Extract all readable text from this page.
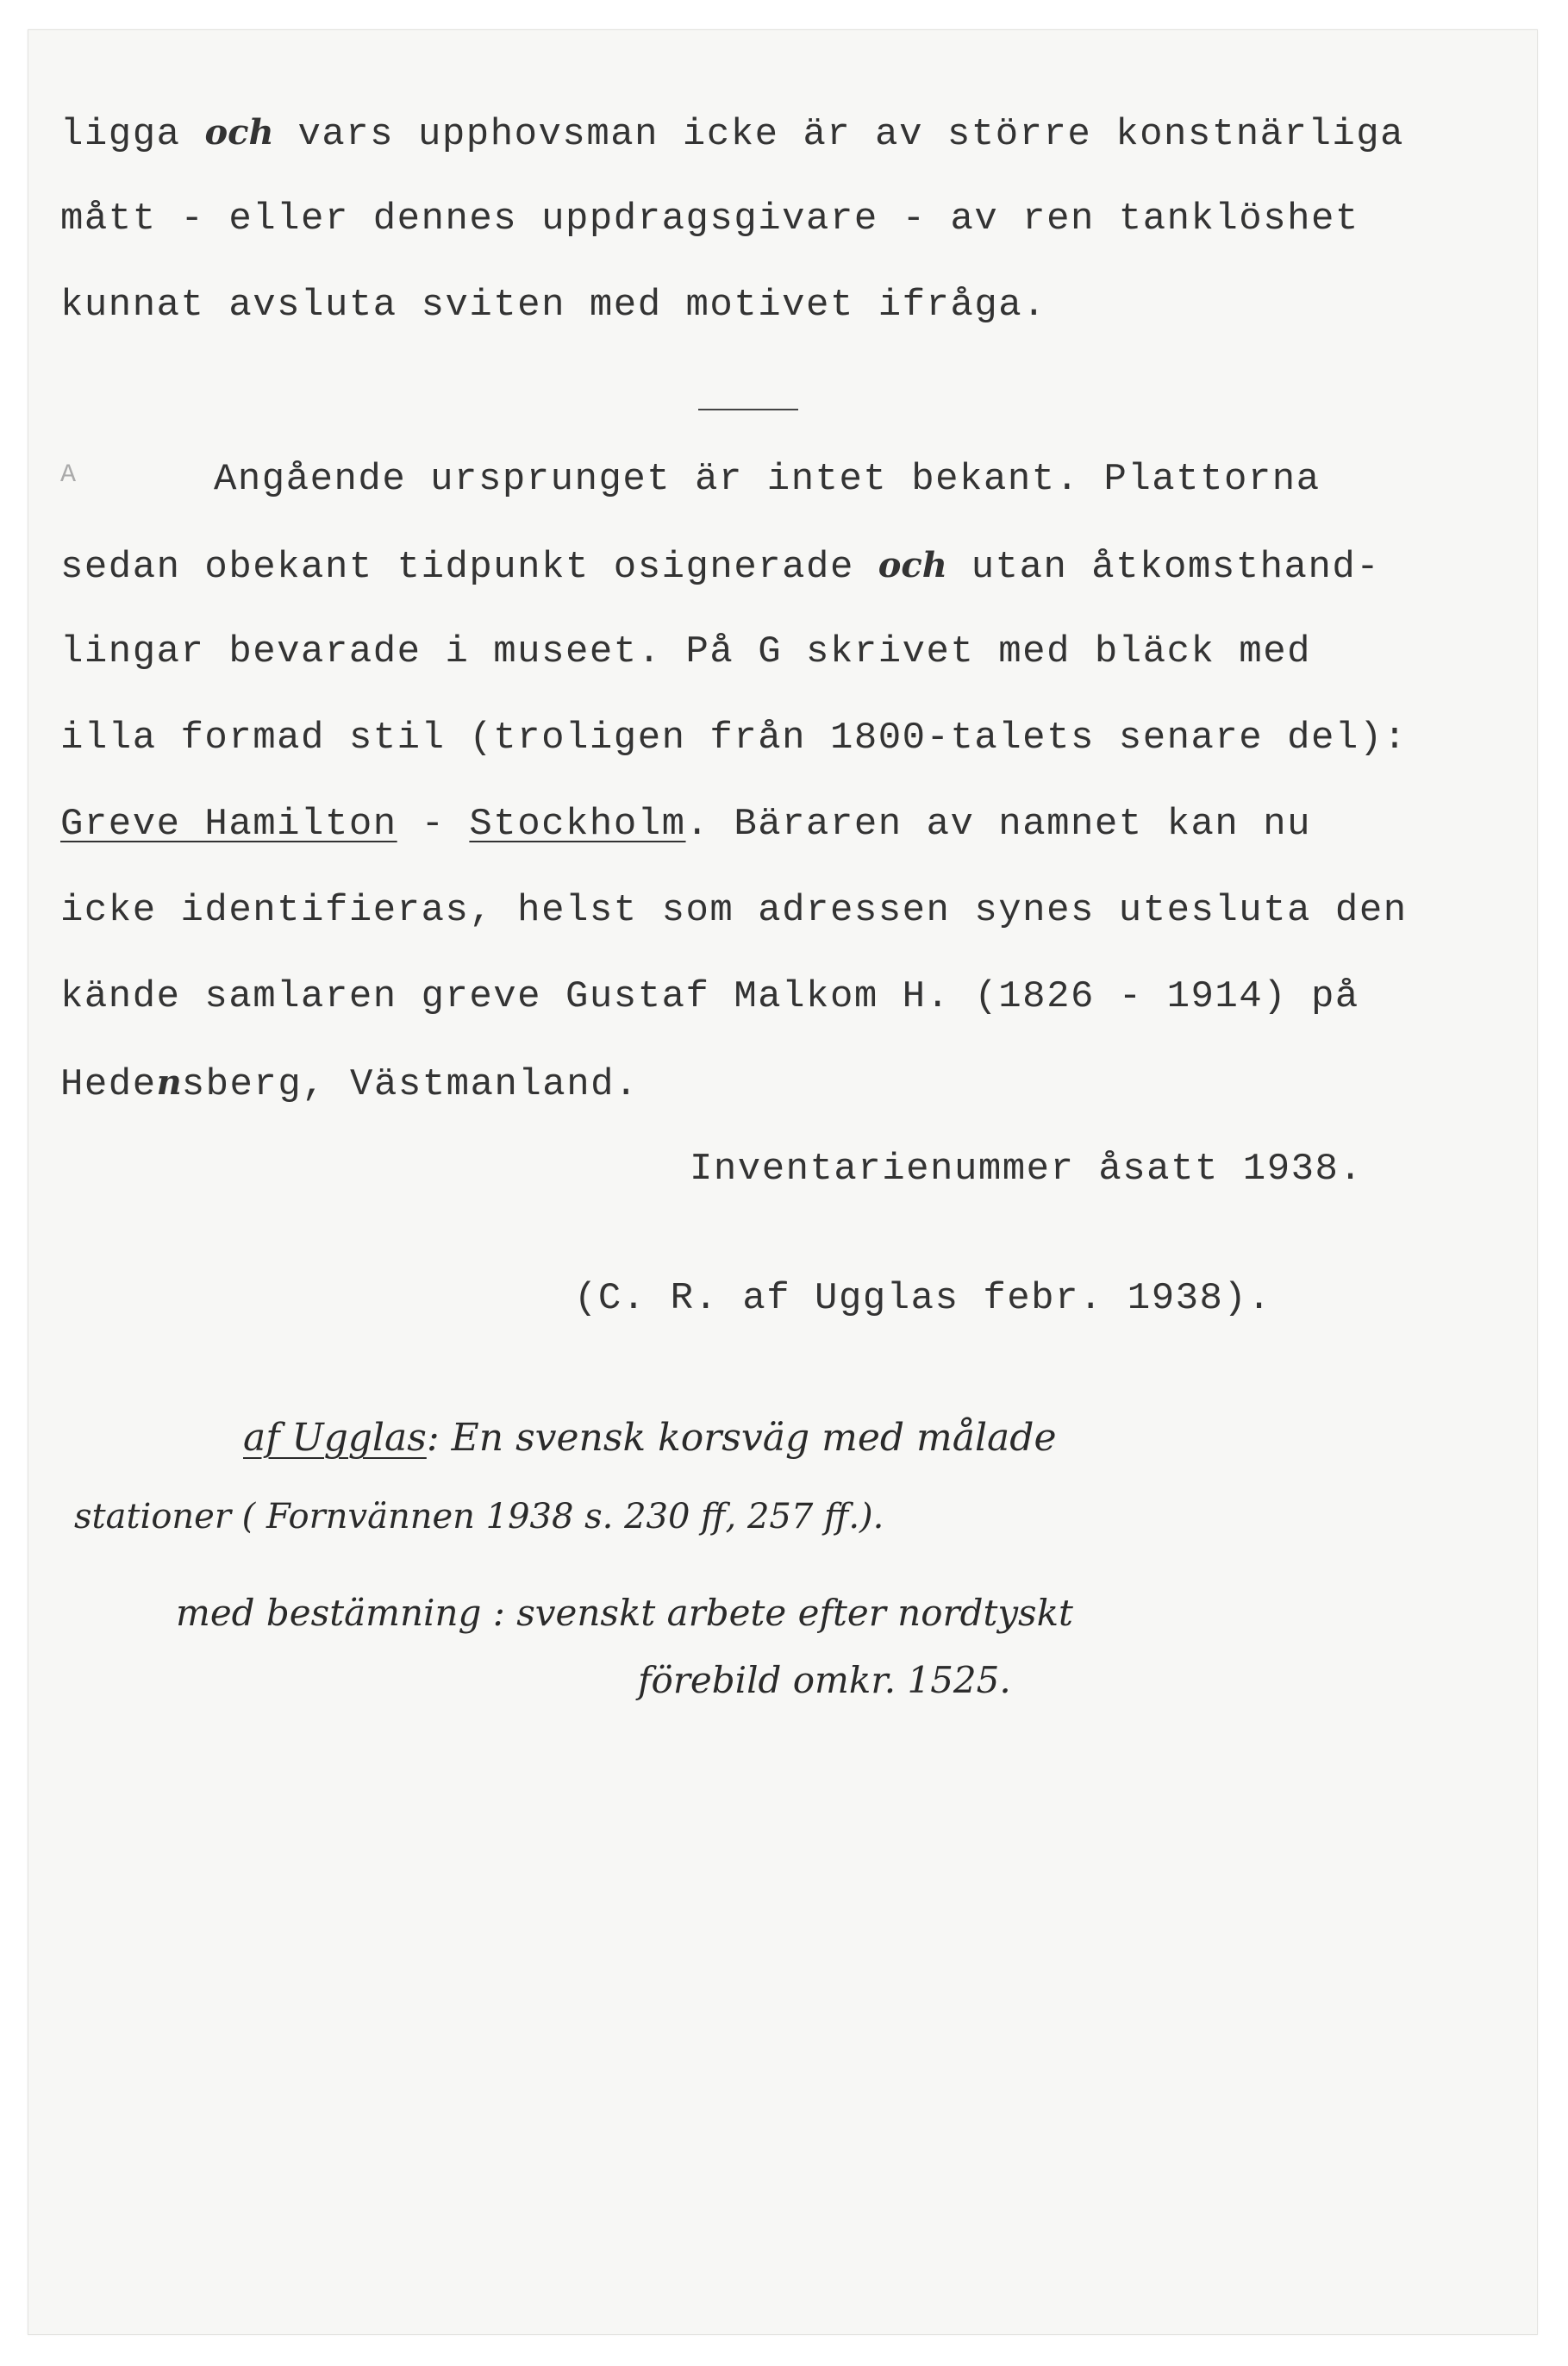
ligga och vars upphovsman icke är av större konstnärliga
mått - eller dennes uppdragsgivare - av ren tanklöshet
kunnat avsluta sviten med motivet ifråga.
A	Angående ursprunget är intet bekant. Plattorna
sedan obekant tidpunkt osignerade och utan åtkomsthand-
lingar bevarade i museet. På G skrivet med bläck med
illa formad stil (troligen från 1800-talets senare del):
Greve Hamilton - Stockholm. Bäraren av namnet kan nu
icke identifieras, helst som adressen synes utesluta den
kände samlaren greve Gustaf Malkom H. (1826 - 1914) på
Hedensberg, Västmanland.
Inventarienummer åsatt 1938.
(C. R. af Ugglas febr. 1938).
af Ugglas: En svensk korsväg med målade
stationer ( Fornvännen 1938 s. 230 ff, 257 ff.).
med bestämning : svenskt arbete efter nordtyskt
förebild omkr. 1525.
